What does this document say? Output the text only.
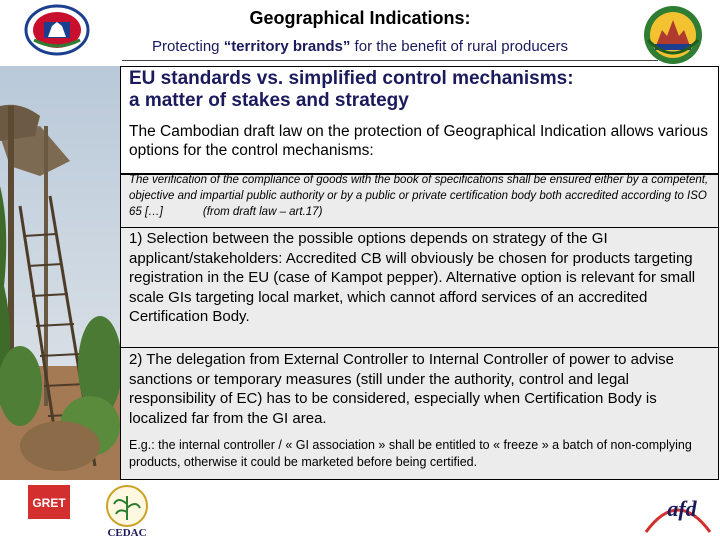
Geographical Indications:
Protecting “territory brands” for the benefit of rural producers
EU standards vs. simplified control mechanisms:
a matter of stakes and strategy
The Cambodian draft law on the protection of Geographical Indication allows various options for the control mechanisms:
The verification of the compliance of goods with the book of specifications shall be ensured either by a competent, objective and impartial public authority or by a public or private certification body both accredited according to ISO 65 […]	(from draft law – art.17)
1) Selection between the possible options depends on strategy of the GI applicant/stakeholders: Accredited CB will obviously be chosen for products targeting registration in the EU (case of Kampot pepper). Alternative option is relevant for small scale GIs targeting local market, which cannot afford services of an accredited Certification Body.
2) The delegation from External Controller to Internal Controller of power to advise sanctions or temporary measures (still under the authority, control and legal responsibility of EC) has to be considered, especially when Certification Body is localized far from the GI area.
E.g.: the internal controller / « GI association » shall be entitled to « freeze » a batch of non-complying products, otherwise it could be marketed before being certified.
GRET
CEDAC
afd
